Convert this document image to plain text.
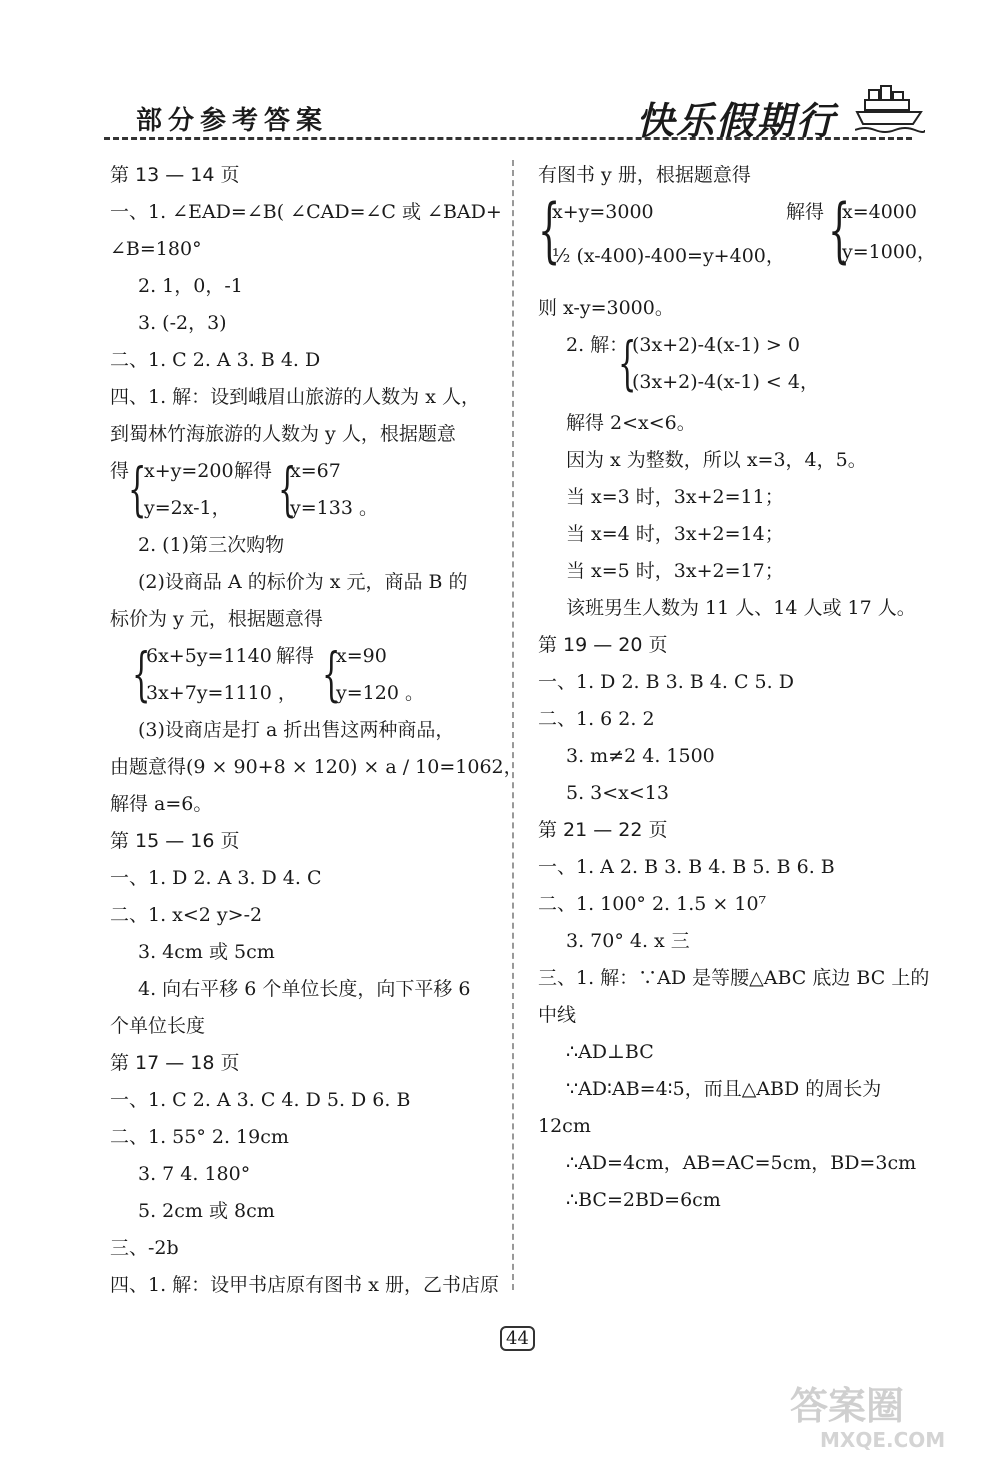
部分参考答案	快乐假期行
第 13 — 14 页
一、1. ∠EAD=∠B( ∠CAD=∠C 或 ∠BAD+
∠B=180°
2. 1，0，-1
3. (-2，3)
二、1. C 2. A 3. B 4. D
四、1. 解：设到峨眉山旅游的人数为 x 人，
到蜀林竹海旅游的人数为 y 人，根据题意
得
{
x+y=200
y=2x-1，
解得 {
x=67
y=133 。
2. (1)第三次购物
(2)设商品 A 的标价为 x 元，商品 B 的
标价为 y 元，根据题意得
{
6x+5y=1140
3x+7y=1110 ，
解得 {
x=90
y=120 。
(3)设商店是打 a 折出售这两种商品，
由题意得(9 × 90+8 × 120) × a / 10=1062，
解得 a=6。
第 15 — 16 页
一、1. D 2. A 3. D 4. C
二、1. x<2 y>-2
3. 4cm 或 5cm
4. 向右平移 6 个单位长度，向下平移 6
个单位长度
第 17 — 18 页
一、1. C 2. A 3. C 4. D 5. D 6. B
二、1. 55° 2. 19cm
3. 7 4. 180°
5. 2cm 或 8cm
三、-2b
四、1. 解：设甲书店原有图书 x 册，乙书店原
有图书 y 册，根据题意得
{
x+y=3000
½ (x-400)-400=y+400，
解得 {
x=4000
y=1000，
则 x-y=3000。
2. 解：
{
(3x+2)-4(x-1) > 0
(3x+2)-4(x-1) < 4，
解得 2<x<6。
因为 x 为整数，所以 x=3，4，5。
当 x=3 时，3x+2=11；
当 x=4 时，3x+2=14；
当 x=5 时，3x+2=17；
该班男生人数为 11 人、14 人或 17 人。
第 19 — 20 页
一、1. D 2. B 3. B 4. C 5. D
二、1. 6 2. 2
3. m≠2 4. 1500
5. 3<x<13
第 21 — 22 页
一、1. A 2. B 3. B 4. B 5. B 6. B
二、1. 100° 2. 1.5 × 10⁷
3. 70° 4. x 三
三、1. 解：∵AD 是等腰△ABC 底边 BC 上的
中线
∴AD⊥BC
∵AD∶AB=4∶5，而且△ABD 的周长为
12cm
∴AD=4cm，AB=AC=5cm，BD=3cm
∴BC=2BD=6cm
44
答案圈
MXQE.COM
